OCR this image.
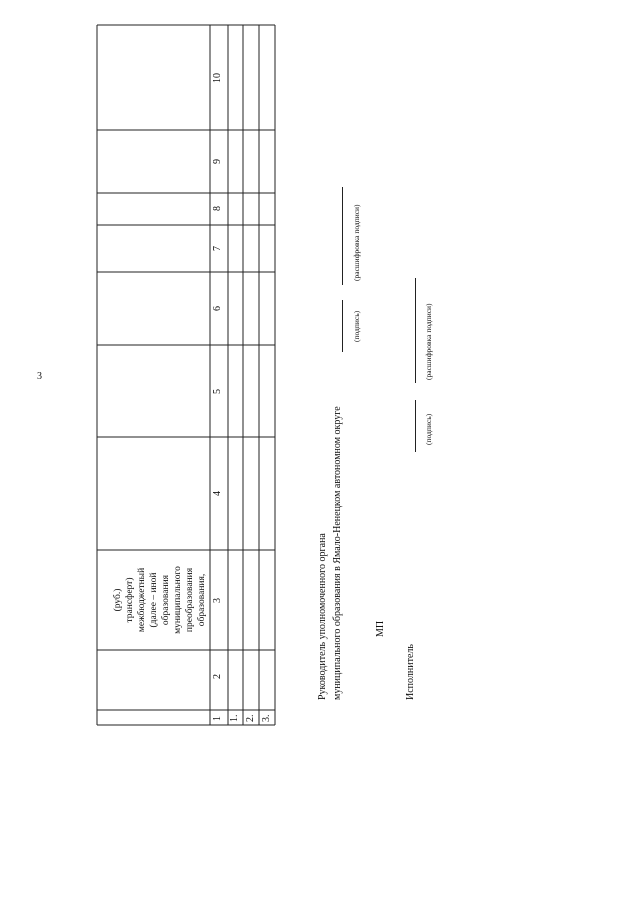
3
(руб.) трансферт) межбюджетный (далее – иной образования муниципального преобразования образования,
1
2
3
4
5
6
7
8
9
10
1. 2. 3.
Руководитель уполномоченного органа муниципального образования в Ямало-Ненецком автономном округе
(подпись)
(расшифровка подписи)
МП
Исполнитель
(подпись)
(расшифровка подписи)
